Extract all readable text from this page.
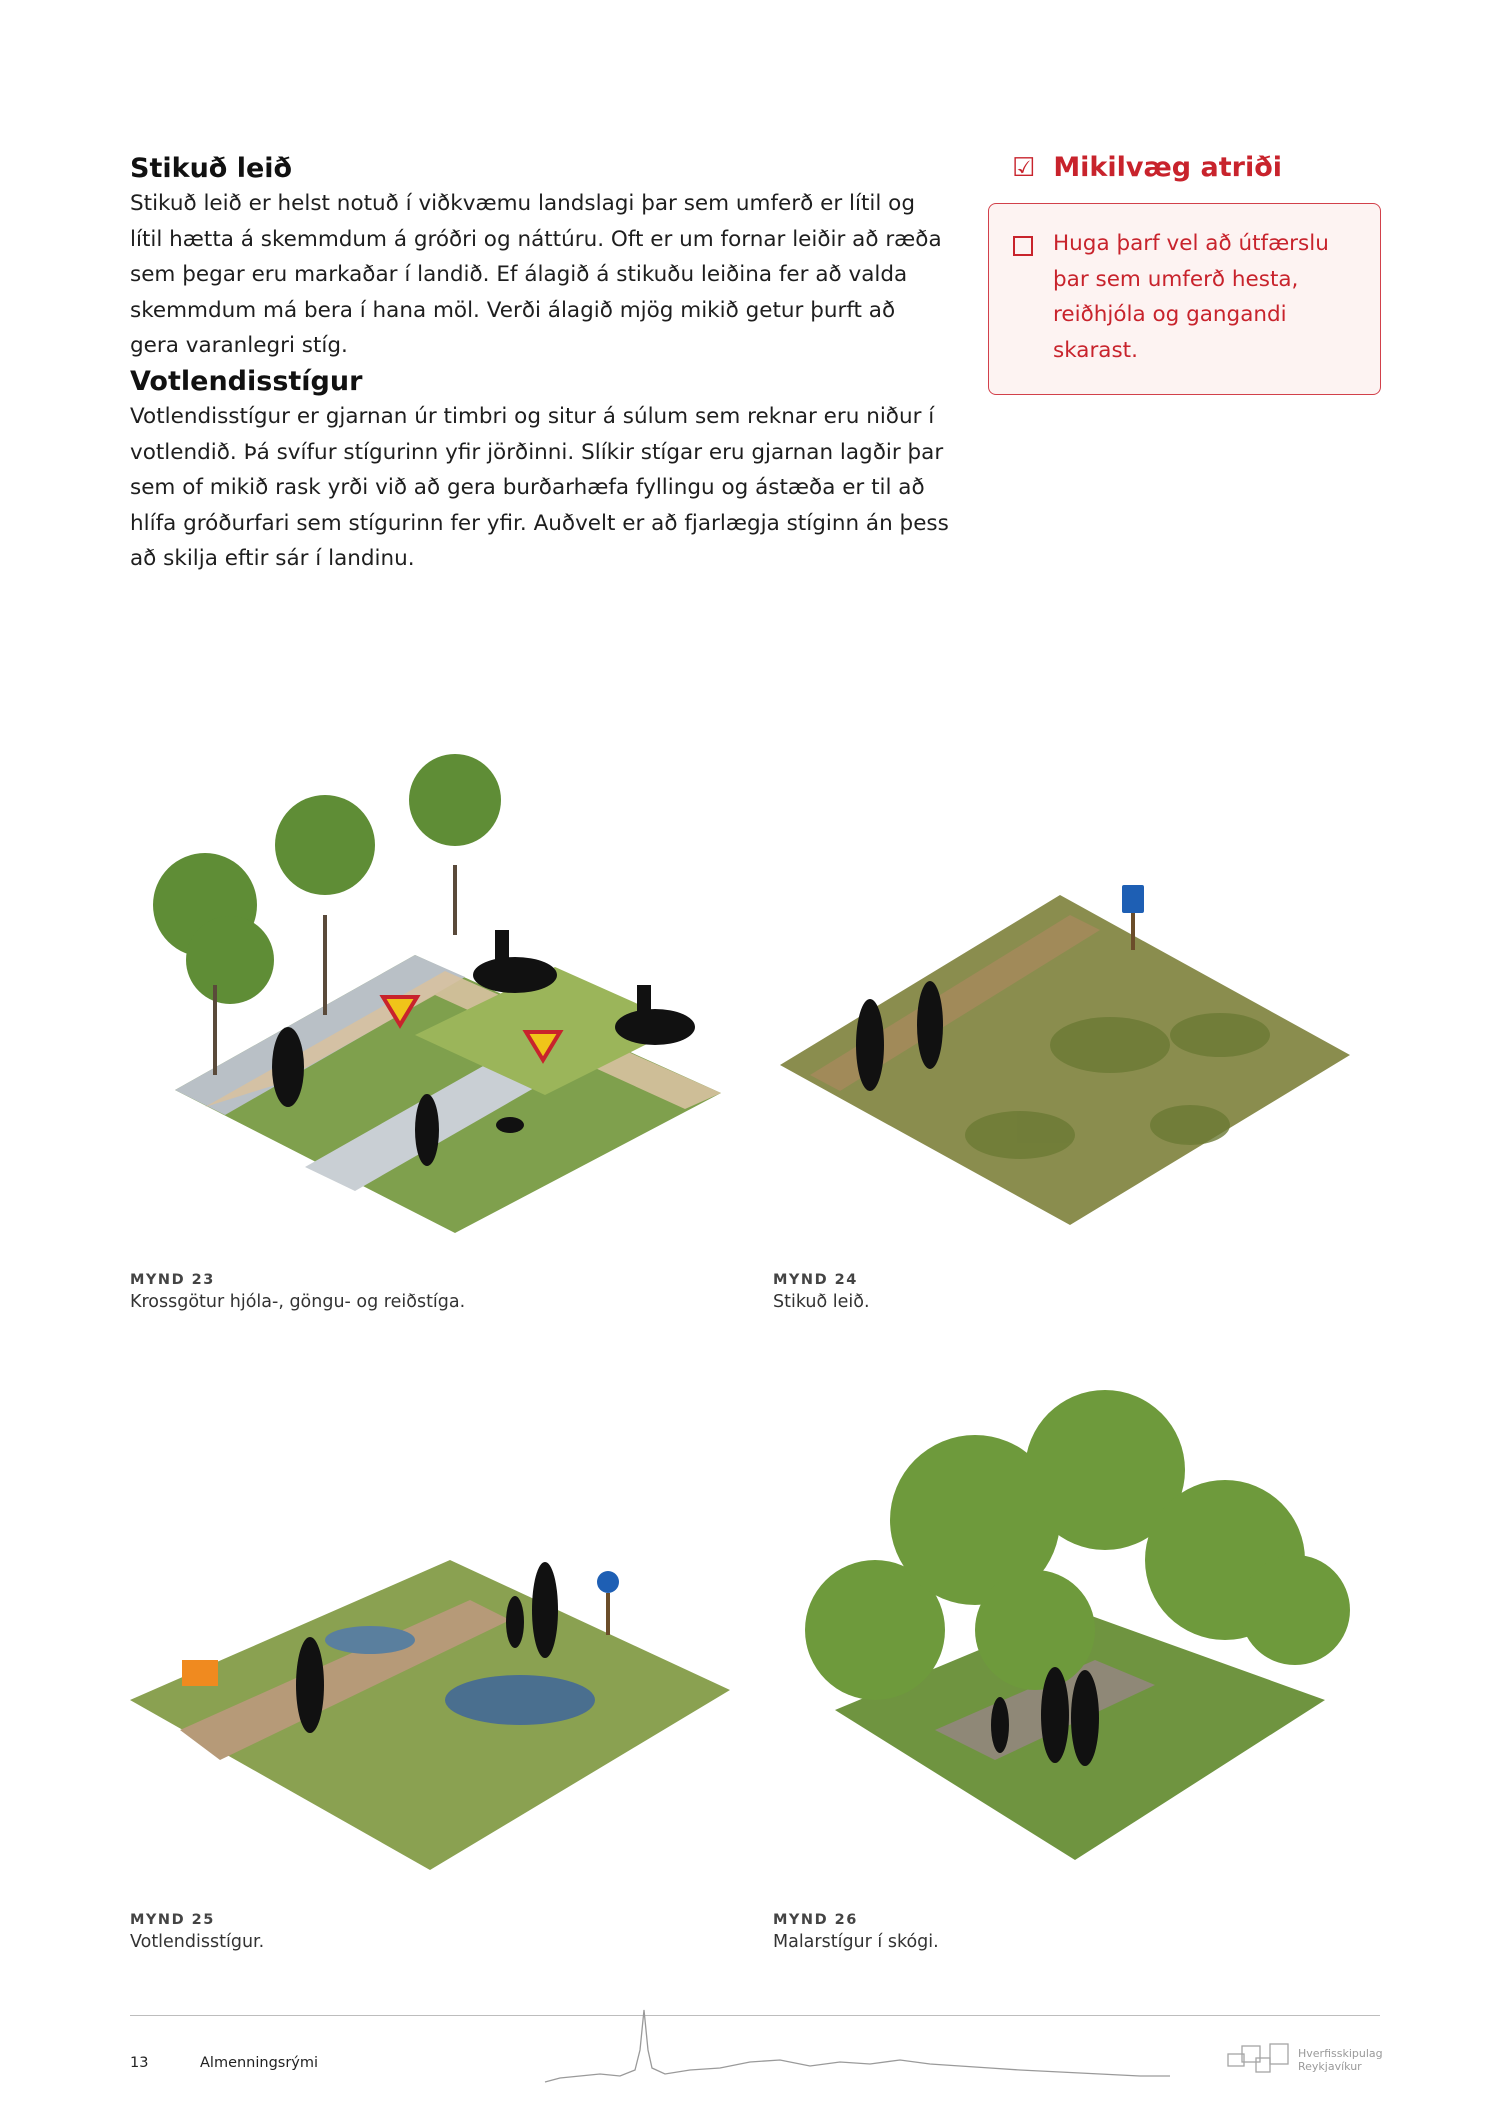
Stikuð leið

Stikuð leið er helst notuð í viðkvæmu landslagi þar sem umferð er lítil og lítil hætta á skemmdum á gróðri og náttúru. Oft er um fornar leiðir að ræða sem þegar eru markaðar í landið. Ef álagið á stikuðu leiðina fer að valda skemmdum má bera í hana möl. Verði álagið mjög mikið getur þurft að gera varanlegri stíg.

Votlendisstígur

Votlendisstígur er gjarnan úr timbri og situr á súlum sem reknar eru niður í votlendið. Þá svífur stígurinn yfir jörðinni. Slíkir stígar eru gjarnan lagðir þar sem of mikið rask yrði við að gera burðarhæfa fyllingu og ástæða er til að hlífa gróðurfari sem stígurinn fer yfir. Auðvelt er að fjarlægja stíginn án þess að skilja eftir sár í landinu.

☑ Mikilvæg atriði
Huga þarf vel að útfærslu þar sem umferð hesta, reiðhjóla og gangandi skarast.
MYND 23
Krossgötur hjóla-, göngu- og reiðstíga.
MYND 24
Stikuð leið.
MYND 25
Votlendisstígur.
MYND 26
Malarstígur í skógi.
13	Almenningsrými
Hverfisskipulag
Reykjavíkur
